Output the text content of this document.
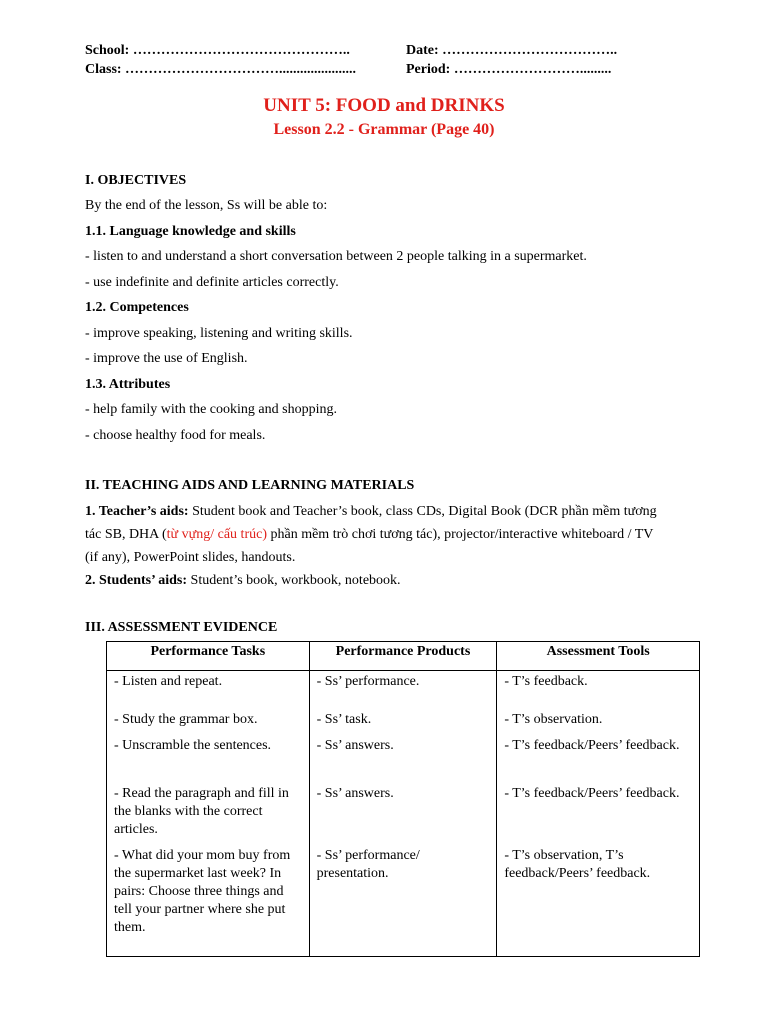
School: ………………………………………..	Date: ………………………………..
Class: ……………………………......................	Period: ……………………….........
UNIT 5: FOOD and DRINKS
Lesson 2.2 - Grammar (Page 40)
I. OBJECTIVES
By the end of the lesson, Ss will be able to:
1.1. Language knowledge and skills
- listen to and understand a short conversation between 2 people talking in a supermarket.
- use indefinite and definite articles correctly.
1.2. Competences
- improve speaking, listening and writing skills.
- improve the use of English.
1.3. Attributes
- help family with the cooking and shopping.
- choose healthy food for meals.
II. TEACHING AIDS AND LEARNING MATERIALS
1. Teacher’s aids: Student book and Teacher’s book, class CDs, Digital Book (DCR phần mềm tương
tác SB, DHA (từ vựng/ cấu trúc) phần mềm trò chơi tương tác), projector/interactive whiteboard / TV
(if any), PowerPoint slides, handouts.
2. Students’ aids: Student’s book, workbook, notebook.
III. ASSESSMENT EVIDENCE
Performance Tasks	Performance Products	Assessment Tools

- Listen and repeat.	- Ss’ performance.	- T’s feedback.

- Study the grammar box.	- Ss’ task.	- T’s observation.

- Unscramble the sentences.	- Ss’ answers.	- T’s feedback/Peers’ feedback.

- Read the paragraph and fill in the blanks with the correct articles.	- Ss’ answers.	- T’s feedback/Peers’ feedback.

- What did your mom buy from the supermarket last week? In pairs: Choose three things and tell your partner where she put them.	- Ss’ performance/ presentation.	- T’s observation, T’s feedback/Peers’ feedback.
